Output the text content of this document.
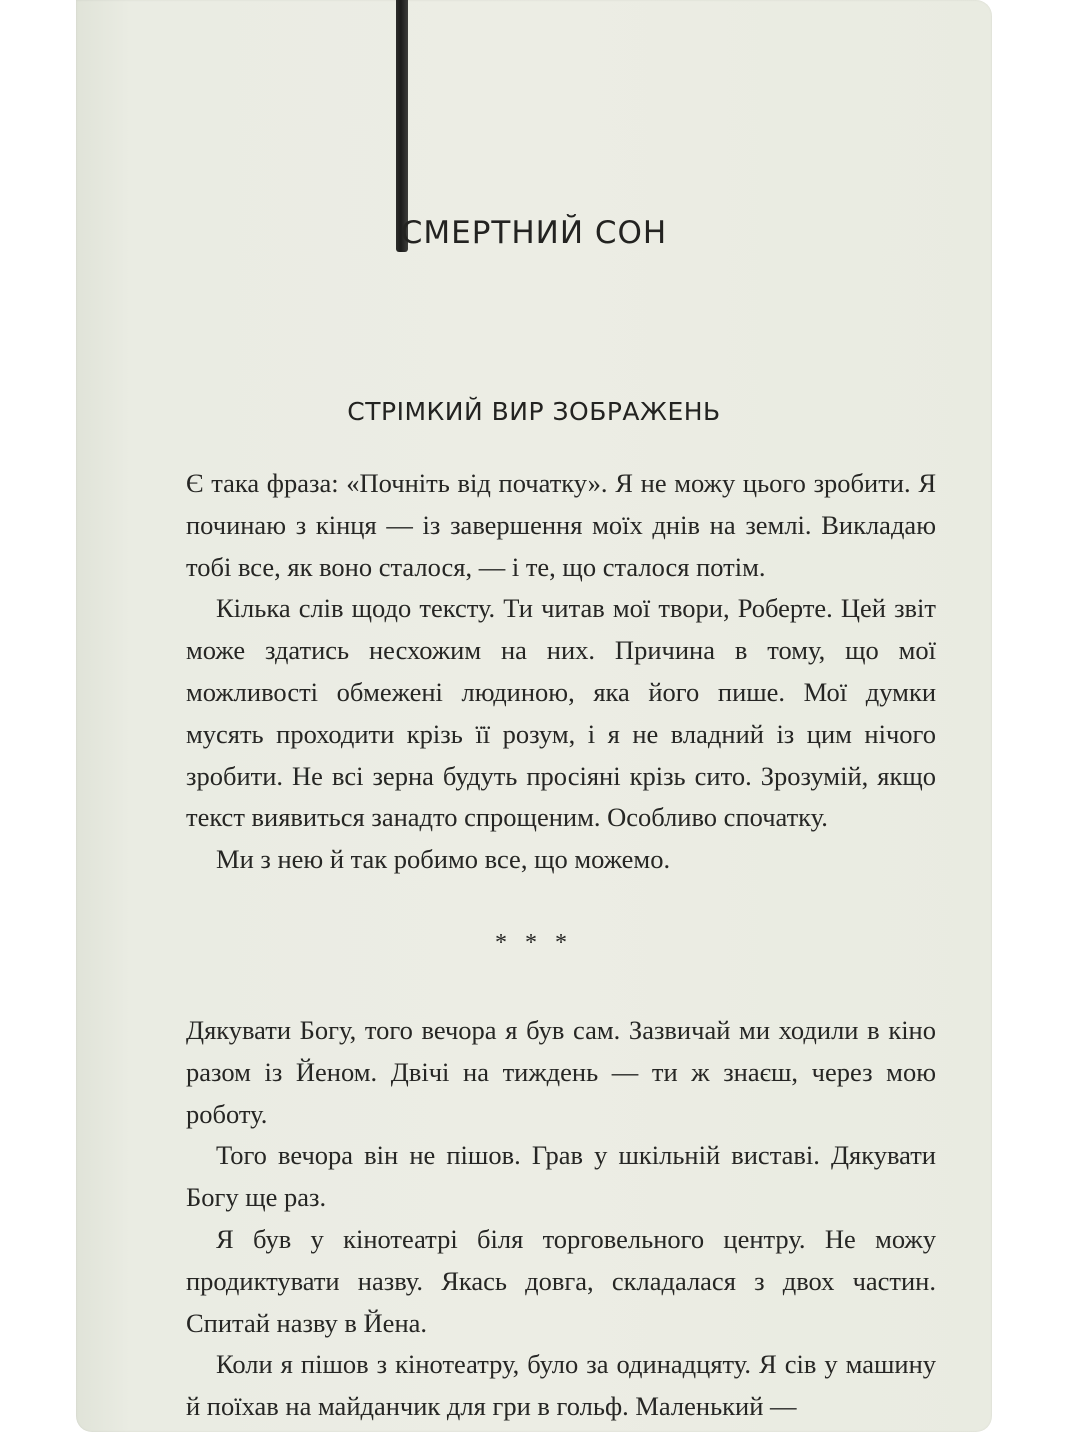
СМЕРТНИЙ СОН
СТРІМКИЙ ВИР ЗОБРАЖЕНЬ

Є така фраза: «Почніть від початку». Я не можу цього зробити. Я починаю з кінця — із завершення моїх днів на землі. Викладаю тобі все, як воно сталося, — і те, що сталося потім.

Кілька слів щодо тексту. Ти читав мої твори, Роберте. Цей звіт може здатись несхожим на них. Причина в тому, що мої можливості обмежені людиною, яка його пише. Мої думки мусять проходити крізь її розум, і я не владний із цим нічого зробити. Не всі зерна будуть просіяні крізь сито. Зрозумій, якщо текст виявиться занадто спрощеним. Особливо спочатку.

Ми з нею й так робимо все, що можемо.

* * *

Дякувати Богу, того вечора я був сам. Зазвичай ми ходили в кіно разом із Йеном. Двічі на тиждень — ти ж знаєш, через мою роботу.

Того вечора він не пішов. Грав у шкільній виставі. Дякувати Богу ще раз.

Я був у кінотеатрі біля торговельного центру. Не можу продиктувати назву. Якась довга, складалася з двох частин. Спитай назву в Йена.

Коли я пішов з кінотеатру, було за одинадцяту. Я сів у машину й поїхав на майданчик для гри в гольф. Маленький —
